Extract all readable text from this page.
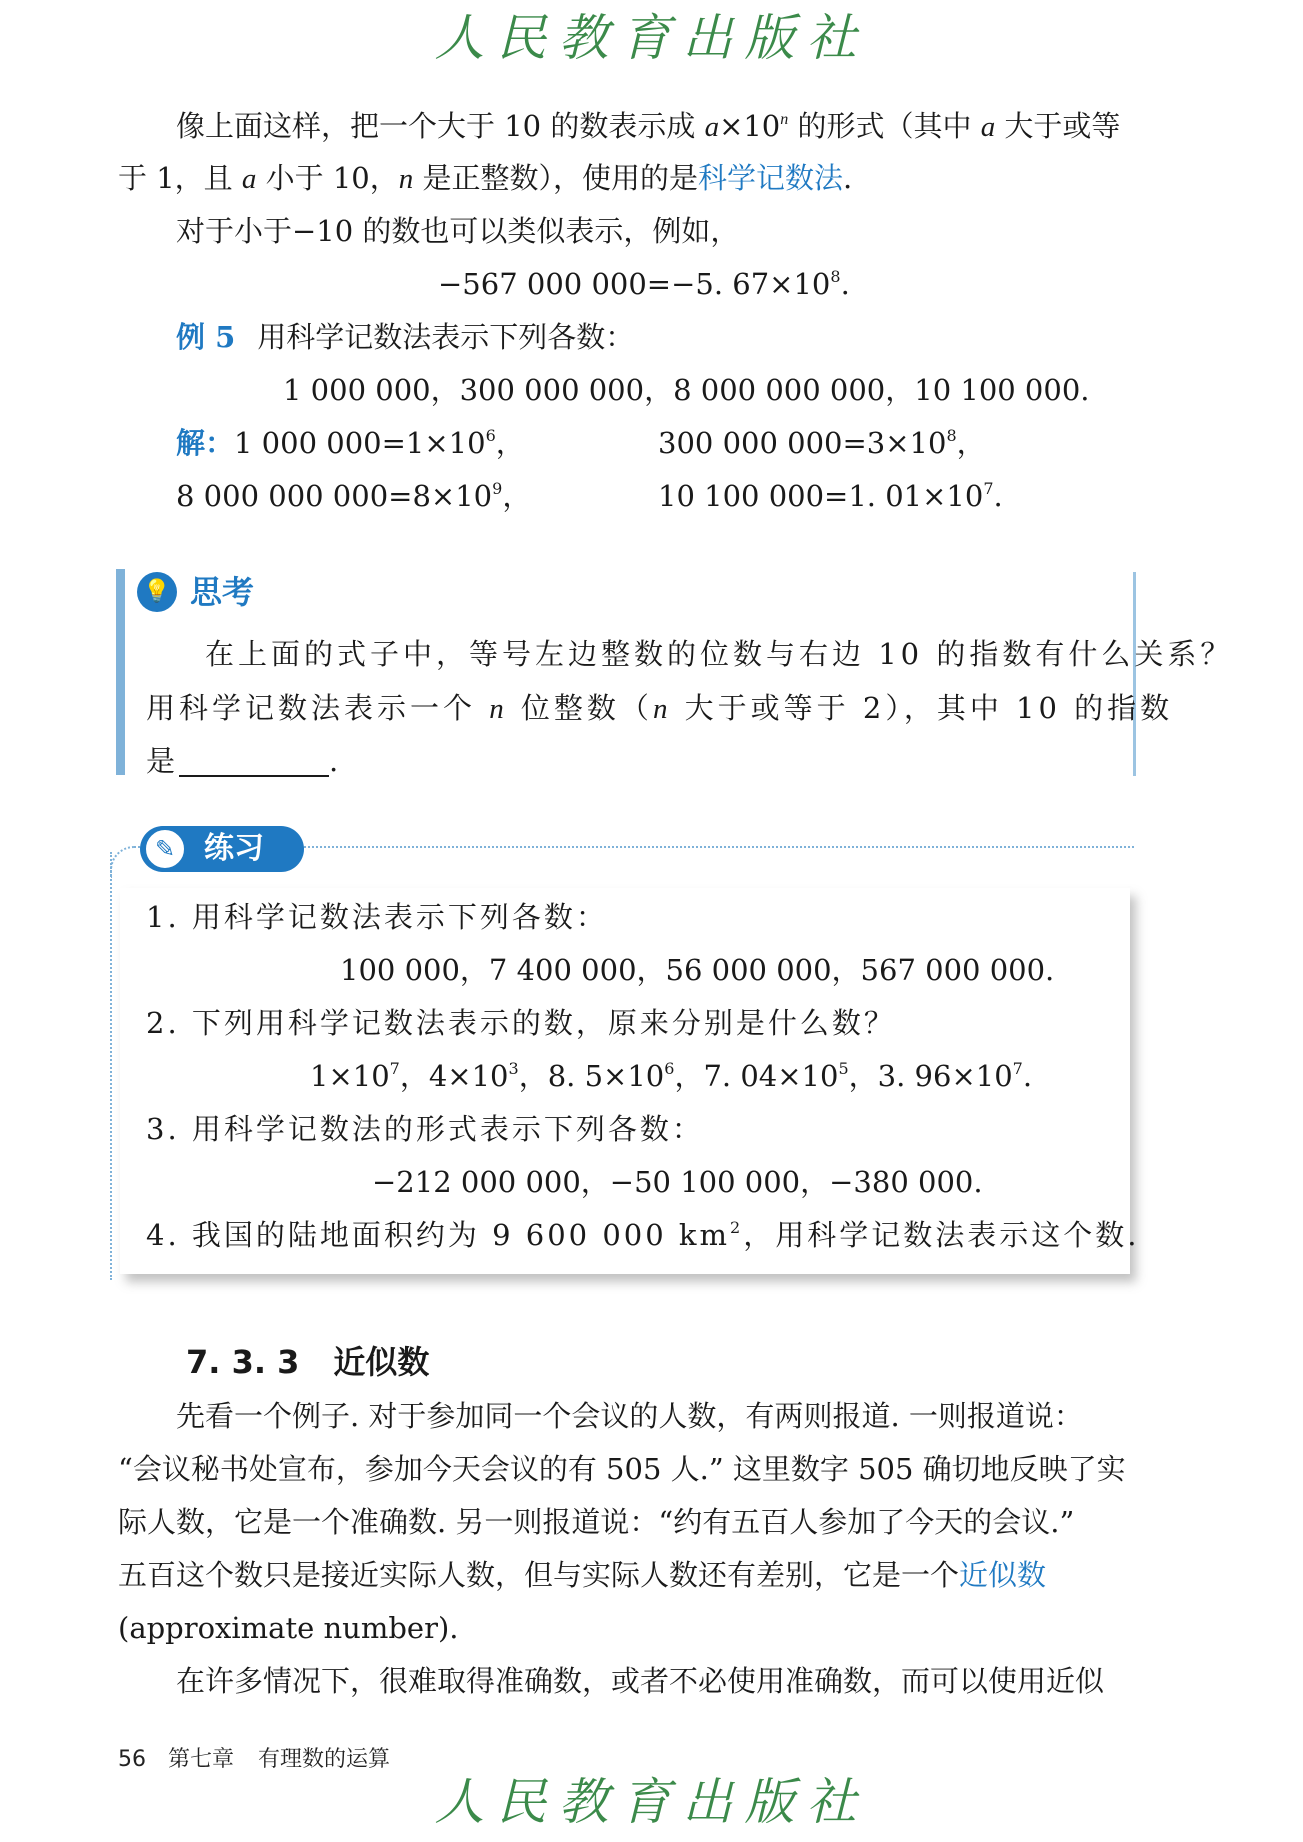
人民教育出版社
像上面这样，把一个大于 10 的数表示成 $a\times 10^n$ 的形式（其中 a 大于或等
于 1，且 a 小于 10，n 是正整数），使用的是科学记数法.
对于小于−10 的数也可以类似表示，例如，
−567 000 000=−5. $67\times 10^8$.
例 5 用科学记数法表示下列各数：
1 000 000，300 000 000，8 000 000 000，10 100 000.
解：1 000 $000=1\times 10^6$，	300 000 $000=3\times 10^8$，
8 000 000 $000=8\times 10^9$，	10 100 000=1. $01\times 10^7$.
💡 思考
在上面的式子中，等号左边整数的位数与右边 10 的指数有什么关系？
用科学记数法表示一个 n 位整数（n 大于或等于 2），其中 10 的指数
是	.
✎ 练习
1. 用科学记数法表示下列各数：
100 000，7 400 000，56 000 000，567 000 000.
2. 下列用科学记数法表示的数，原来分别是什么数？
$1\times 10^7$，$4\times 10^3$，8. $5\times 10^6$，7. $04\times 10^5$，3. $96\times 10^7$.
3. 用科学记数法的形式表示下列各数：
−212 000 000，−50 100 000，−380 000.
4. 我国的陆地面积约为 9 600 000 $km^2$，用科学记数法表示这个数.
7. 3. 3 近似数
先看一个例子. 对于参加同一个会议的人数，有两则报道. 一则报道说：
“会议秘书处宣布，参加今天会议的有 505 人.” 这里数字 505 确切地反映了实
际人数，它是一个准确数. 另一则报道说：“约有五百人参加了今天的会议.”
五百这个数只是接近实际人数，但与实际人数还有差别，它是一个近似数
(approximate number).
在许多情况下，很难取得准确数，或者不必使用准确数，而可以使用近似
56 第七章 有理数的运算
人民教育出版社
